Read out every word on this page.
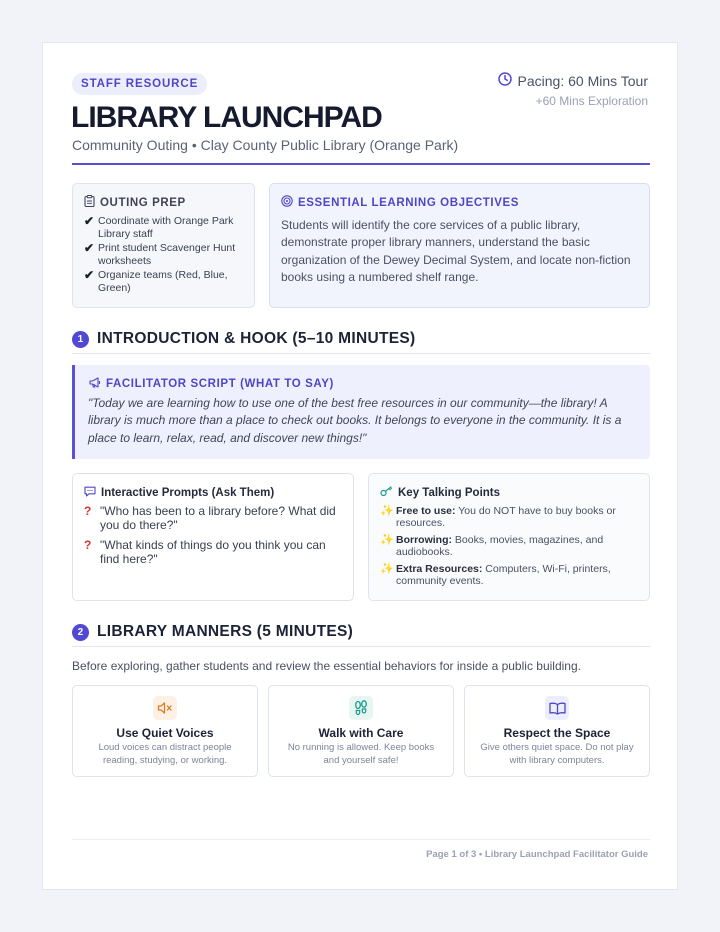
STAFF RESOURCE	Pacing: 60 Mins Tour
+60 Mins Exploration
LIBRARY LAUNCHPAD
Community Outing • Clay County Public Library (Orange Park)
OUTING PREP
✔ Coordinate with Orange Park Library staff
✔ Print student Scavenger Hunt worksheets
✔ Organize teams (Red, Blue, Green)
ESSENTIAL LEARNING OBJECTIVES
Students will identify the core services of a public library, demonstrate proper library manners, understand the basic organization of the Dewey Decimal System, and locate non-fiction books using a numbered shelf range.
1 INTRODUCTION & HOOK (5–10 MINUTES)
FACILITATOR SCRIPT (WHAT TO SAY)
"Today we are learning how to use one of the best free resources in our community—the library! A library is much more than a place to check out books. It belongs to everyone in the community. It is a place to learn, relax, read, and discover new things!"
Interactive Prompts (Ask Them)
? "Who has been to a library before? What did you do there?"
? "What kinds of things do you think you can find here?"
Key Talking Points
✨ Free to use: You do NOT have to buy books or resources.
✨ Borrowing: Books, movies, magazines, and audiobooks.
✨ Extra Resources: Computers, Wi-Fi, printers, community events.
2 LIBRARY MANNERS (5 MINUTES)
Before exploring, gather students and review the essential behaviors for inside a public building.
Use Quiet Voices
Loud voices can distract people reading, studying, or working.
Walk with Care
No running is allowed. Keep books and yourself safe!
Respect the Space
Give others quiet space. Do not play with library computers.
Page 1 of 3 • Library Launchpad Facilitator Guide
